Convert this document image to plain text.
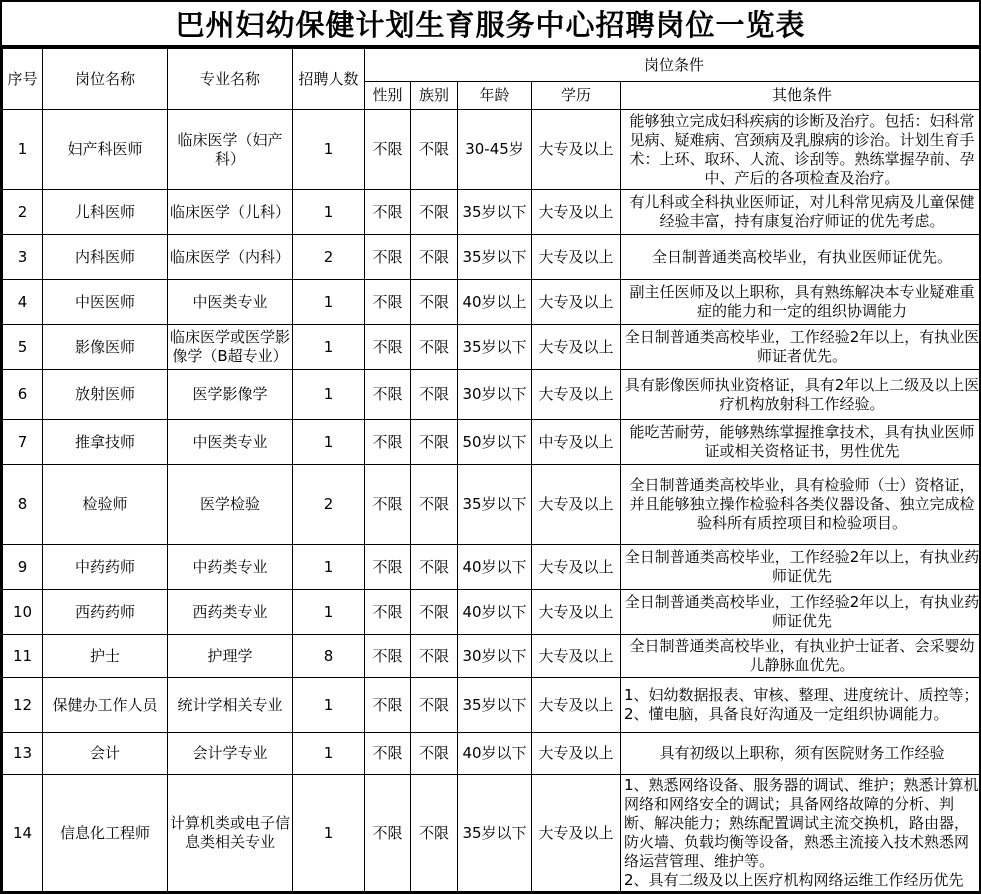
巴州妇幼保健计划生育服务中心招聘岗位一览表
序号	岗位名称	专业名称	招聘人数	岗位条件				
				性别	族别	年龄	学历	其他条件
1	妇产科医师	临床医学（妇产科）	1	不限	不限	30-45岁	大专及以上	能够独立完成妇科疾病的诊断及治疗。包括：妇科常见病、疑难病、宫颈病及乳腺病的诊治。计划生育手术：上环、取环、人流、诊刮等。熟练掌握孕前、孕中、产后的各项检查及治疗。
2	儿科医师	临床医学（儿科）	1	不限	不限	35岁以下	大专及以上	有儿科或全科执业医师证，对儿科常见病及儿童保健经验丰富，持有康复治疗师证的优先考虑。
3	内科医师	临床医学（内科）	2	不限	不限	35岁以下	大专及以上	全日制普通类高校毕业，有执业医师证优先。
4	中医医师	中医类专业	1	不限	不限	40岁以上	大专及以上	副主任医师及以上职称，具有熟练解决本专业疑难重症的能力和一定的组织协调能力
5	影像医师	临床医学或医学影像学（B超专业）	1	不限	不限	35岁以下	大专及以上	全日制普通类高校毕业，工作经验2年以上，有执业医师证者优先。
6	放射医师	医学影像学	1	不限	不限	30岁以下	大专及以上	具有影像医师执业资格证，具有2年以上二级及以上医疗机构放射科工作经验。
7	推拿技师	中医类专业	1	不限	不限	50岁以下	中专及以上	能吃苦耐劳，能够熟练掌握推拿技术，具有执业医师证或相关资格证书，男性优先
8	检验师	医学检验	2	不限	不限	35岁以下	大专及以上	全日制普通类高校毕业，具有检验师（士）资格证，并且能够独立操作检验科各类仪器设备、独立完成检验科所有质控项目和检验项目。
9	中药药师	中药类专业	1	不限	不限	40岁以下	大专及以上	全日制普通类高校毕业，工作经验2年以上，有执业药师证优先
10	西药药师	西药类专业	1	不限	不限	40岁以下	大专及以上	全日制普通类高校毕业，工作经验2年以上，有执业药师证优先
11	护士	护理学	8	不限	不限	30岁以下	大专及以上	全日制普通类高校毕业，有执业护士证者、会采婴幼儿静脉血优先。
12	保健办工作人员	统计学相关专业	1	不限	不限	35岁以下	大专及以上	1、妇幼数据报表、审核、整理、进度统计、质控等；
2、懂电脑，具备良好沟通及一定组织协调能力。

13	会计	会计学专业	1	不限	不限	40岁以下	大专及以上	具有初级以上职称，须有医院财务工作经验
14	信息化工程师	计算机类或电子信息类相关专业	1	不限	不限	35岁以下	大专及以上	1、熟悉网络设备、服务器的调试、维护；熟悉计算机网络和网络安全的调试；具备网络故障的分析、判断、解决能力；熟练配置调试主流交换机，路由器，防火墙、负载均衡等设备，熟悉主流接入技术熟悉网络运营管理、维护等。
2、具有二级及以上医疗机构网络运维工作经历优先
